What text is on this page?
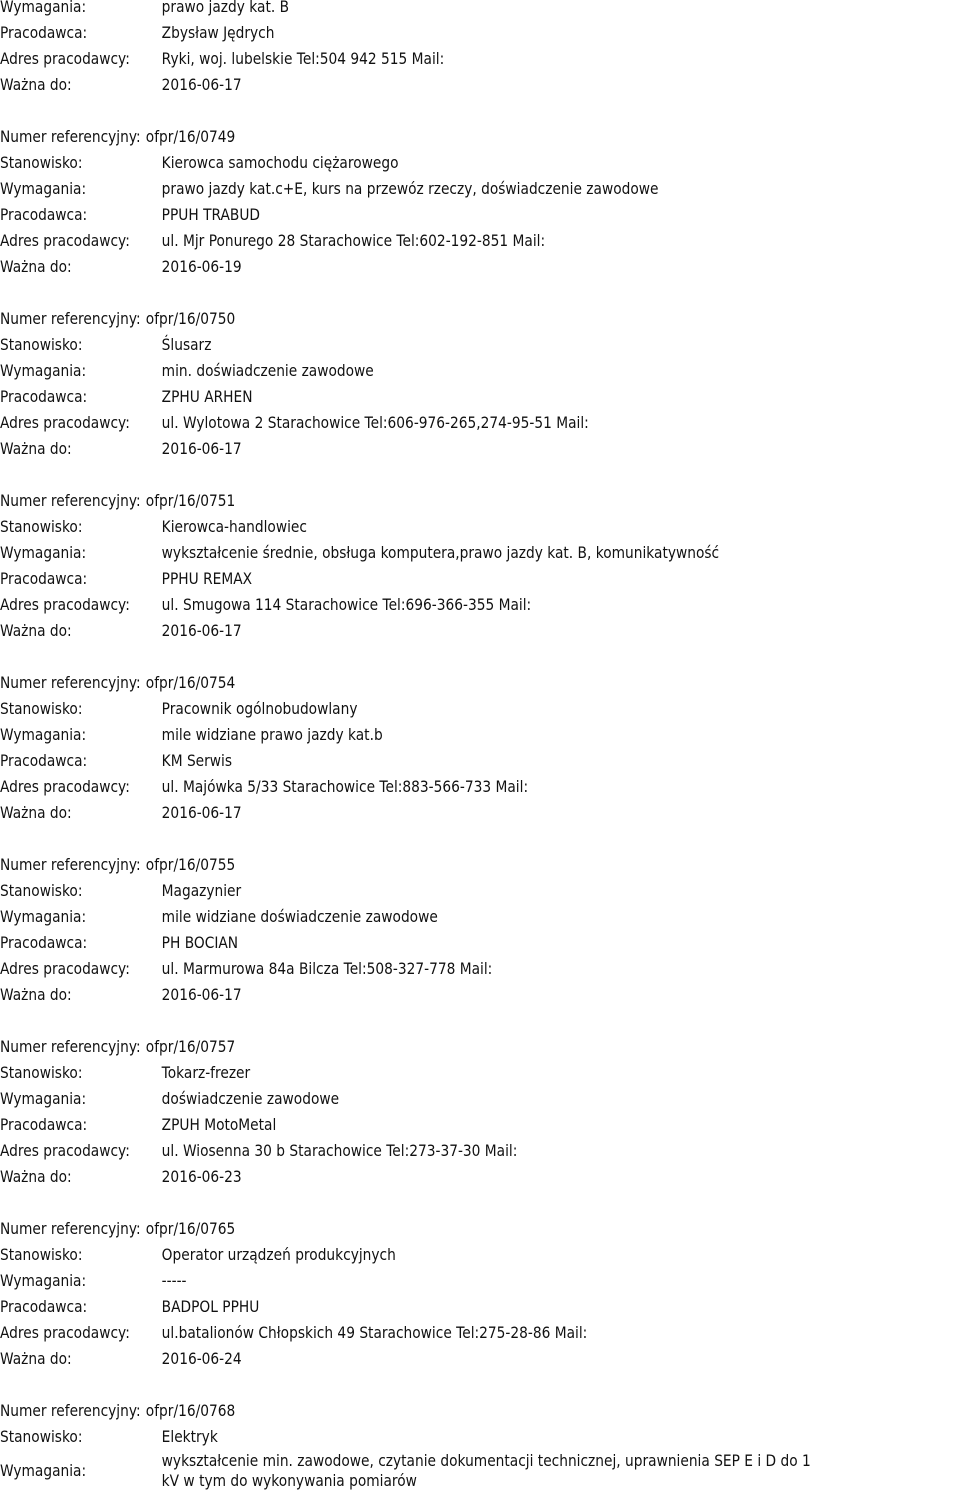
Wymagania:	prawo jazdy kat. B
Pracodawca:	Zbysław Jędrych
Adres pracodawcy:	Ryki, woj. lubelskie Tel:504 942 515 Mail:
Ważna do:	2016-06-17
Numer referencyjny: ofpr/16/0749
Stanowisko:	Kierowca samochodu ciężarowego
Wymagania:	prawo jazdy kat.c+E, kurs na przewóz rzeczy, doświadczenie zawodowe
Pracodawca:	PPUH TRABUD
Adres pracodawcy:	ul. Mjr Ponurego 28 Starachowice Tel:602-192-851 Mail:
Ważna do:	2016-06-19
Numer referencyjny: ofpr/16/0750
Stanowisko:	Ślusarz
Wymagania:	min. doświadczenie zawodowe
Pracodawca:	ZPHU ARHEN
Adres pracodawcy:	ul. Wylotowa 2 Starachowice Tel:606-976-265,274-95-51 Mail:
Ważna do:	2016-06-17
Numer referencyjny: ofpr/16/0751
Stanowisko:	Kierowca-handlowiec
Wymagania:	wykształcenie średnie, obsługa komputera,prawo jazdy kat. B, komunikatywność
Pracodawca:	PPHU REMAX
Adres pracodawcy:	ul. Smugowa 114 Starachowice Tel:696-366-355 Mail:
Ważna do:	2016-06-17
Numer referencyjny: ofpr/16/0754
Stanowisko:	Pracownik ogólnobudowlany
Wymagania:	mile widziane prawo jazdy kat.b
Pracodawca:	KM Serwis
Adres pracodawcy:	ul. Majówka 5/33 Starachowice Tel:883-566-733 Mail:
Ważna do:	2016-06-17
Numer referencyjny: ofpr/16/0755
Stanowisko:	Magazynier
Wymagania:	mile widziane doświadczenie zawodowe
Pracodawca:	PH BOCIAN
Adres pracodawcy:	ul. Marmurowa 84a Bilcza Tel:508-327-778 Mail:
Ważna do:	2016-06-17
Numer referencyjny: ofpr/16/0757
Stanowisko:	Tokarz-frezer
Wymagania:	doświadczenie zawodowe
Pracodawca:	ZPUH MotoMetal
Adres pracodawcy:	ul. Wiosenna 30 b Starachowice Tel:273-37-30 Mail:
Ważna do:	2016-06-23
Numer referencyjny: ofpr/16/0765
Stanowisko:	Operator urządzeń produkcyjnych
Wymagania:	-----
Pracodawca:	BADPOL PPHU
Adres pracodawcy:	ul.batalionów Chłopskich 49 Starachowice Tel:275-28-86 Mail:
Ważna do:	2016-06-24
Numer referencyjny: ofpr/16/0768
Stanowisko:	Elektryk
Wymagania:
wykształcenie min. zawodowe, czytanie dokumentacji technicznej, uprawnienia SEP E i D do 1 kV w tym do wykonywania pomiarów
